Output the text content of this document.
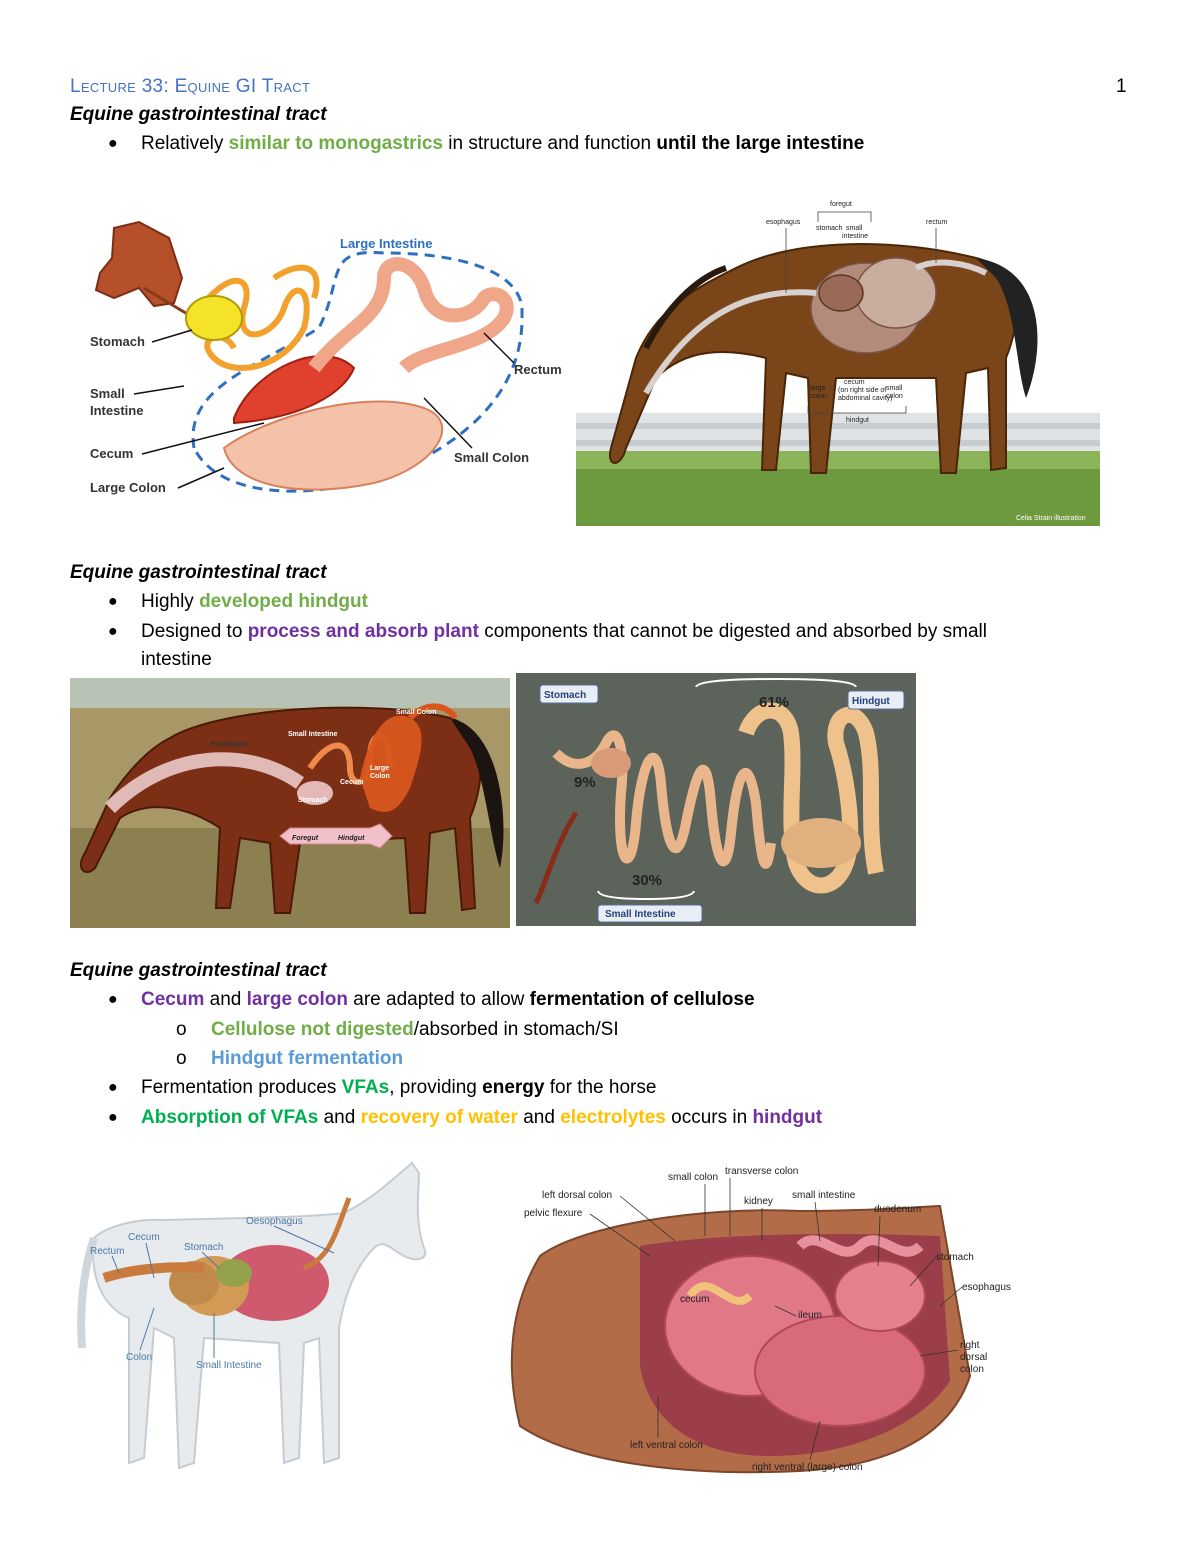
Lecture 33: Equine GI Tract	1
Equine gastrointestinal tract
● Relatively similar to monogastrics in structure and function until the large intestine
Large Intestine
Stomach
Small
Intestine
Cecum
Large Colon
Rectum
Small Colon
foregut
esophagus
stomach small
intestine
rectum
large
colon
cecum
(on right side of
abdominal cavity)
small
colon
hindgut
Celia Strain illustration
Equine gastrointestinal tract
● Highly developed hindgut
● Designed to process and absorb plant components that cannot be digested and absorbed by small
intestine
Esophagus
Small Intestine
Cecum
Large
Colon
Stomach
Small Colon
Foregut	Hindgut
Stomach
Hindgut
61%
9%
30%
Small Intestine
Equine gastrointestinal tract
● Cecum and large colon are adapted to allow fermentation of cellulose
o Cellulose not digested/absorbed in stomach/SI
o Hindgut fermentation
● Fermentation produces VFAs, providing energy for the horse
● Absorption of VFAs and recovery of water and electrolytes occurs in hindgut
Rectum
Cecum
Stomach
Oesophagus
Colon
Small Intestine
small colon
transverse colon
left dorsal colon
kidney
small intestine
pelvic flexure	duodenum
stomach
esophagus
cecum
ileum
right
dorsal
colon
left ventral colon
right ventral (large) colon
